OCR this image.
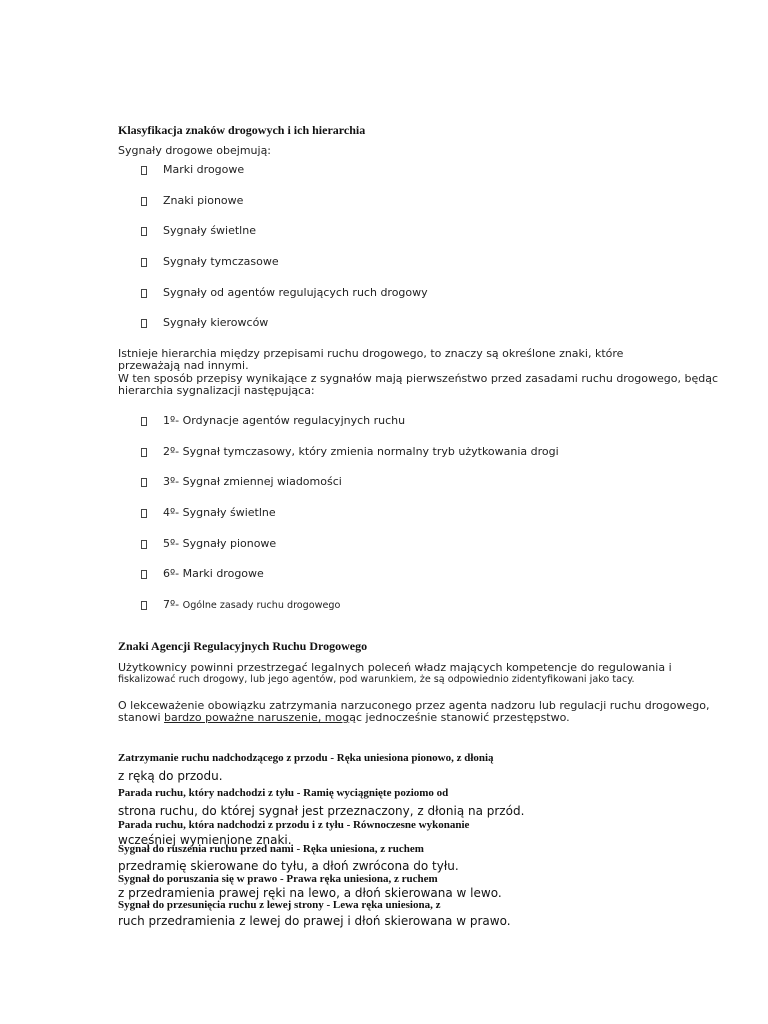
Klasyfikacja znaków drogowych i ich hierarchia
Sygnały drogowe obejmują:
Marki drogowe
Znaki pionowe
Sygnały świetlne
Sygnały tymczasowe
Sygnały od agentów regulujących ruch drogowy
Sygnały kierowców
Istnieje hierarchia między przepisami ruchu drogowego, to znaczy są określone znaki, które
przeważają nad innymi.
W ten sposób przepisy wynikające z sygnałów mają pierwszeństwo przed zasadami ruchu drogowego, będąc
hierarchia sygnalizacji następująca:
1º- Ordynacje agentów regulacyjnych ruchu
2º- Sygnał tymczasowy, który zmienia normalny tryb użytkowania drogi
3º- Sygnał zmiennej wiadomości
4º- Sygnały świetlne
5º- Sygnały pionowe
6º- Marki drogowe
7º- Ogólne zasady ruchu drogowego
Znaki Agencji Regulacyjnych Ruchu Drogowego
Użytkownicy powinni przestrzegać legalnych poleceń władz mających kompetencje do regulowania i
fiskalizować ruch drogowy, lub jego agentów, pod warunkiem, że są odpowiednio zidentyfikowani jako tacy.
O lekceważenie obowiązku zatrzymania narzuconego przez agenta nadzoru lub regulacji ruchu drogowego,
stanowi bardzo poważne naruszenie, mogąc jednocześnie stanowić przestępstwo.
Zatrzymanie ruchu nadchodzącego z przodu - Ręka uniesiona pionowo, z dłonią
z ręką do przodu.
Parada ruchu, który nadchodzi z tyłu - Ramię wyciągnięte poziomo od
strona ruchu, do której sygnał jest przeznaczony, z dłonią na przód.
Parada ruchu, która nadchodzi z przodu i z tyłu - Równoczesne wykonanie
wcześniej wymienione znaki.
Sygnał do ruszenia ruchu przed nami - Ręka uniesiona, z ruchem
przedramię skierowane do tyłu, a dłoń zwrócona do tyłu.
Sygnał do poruszania się w prawo - Prawa ręka uniesiona, z ruchem
z przedramienia prawej ręki na lewo, a dłoń skierowana w lewo.
Sygnał do przesunięcia ruchu z lewej strony - Lewa ręka uniesiona, z
ruch przedramienia z lewej do prawej i dłoń skierowana w prawo.
